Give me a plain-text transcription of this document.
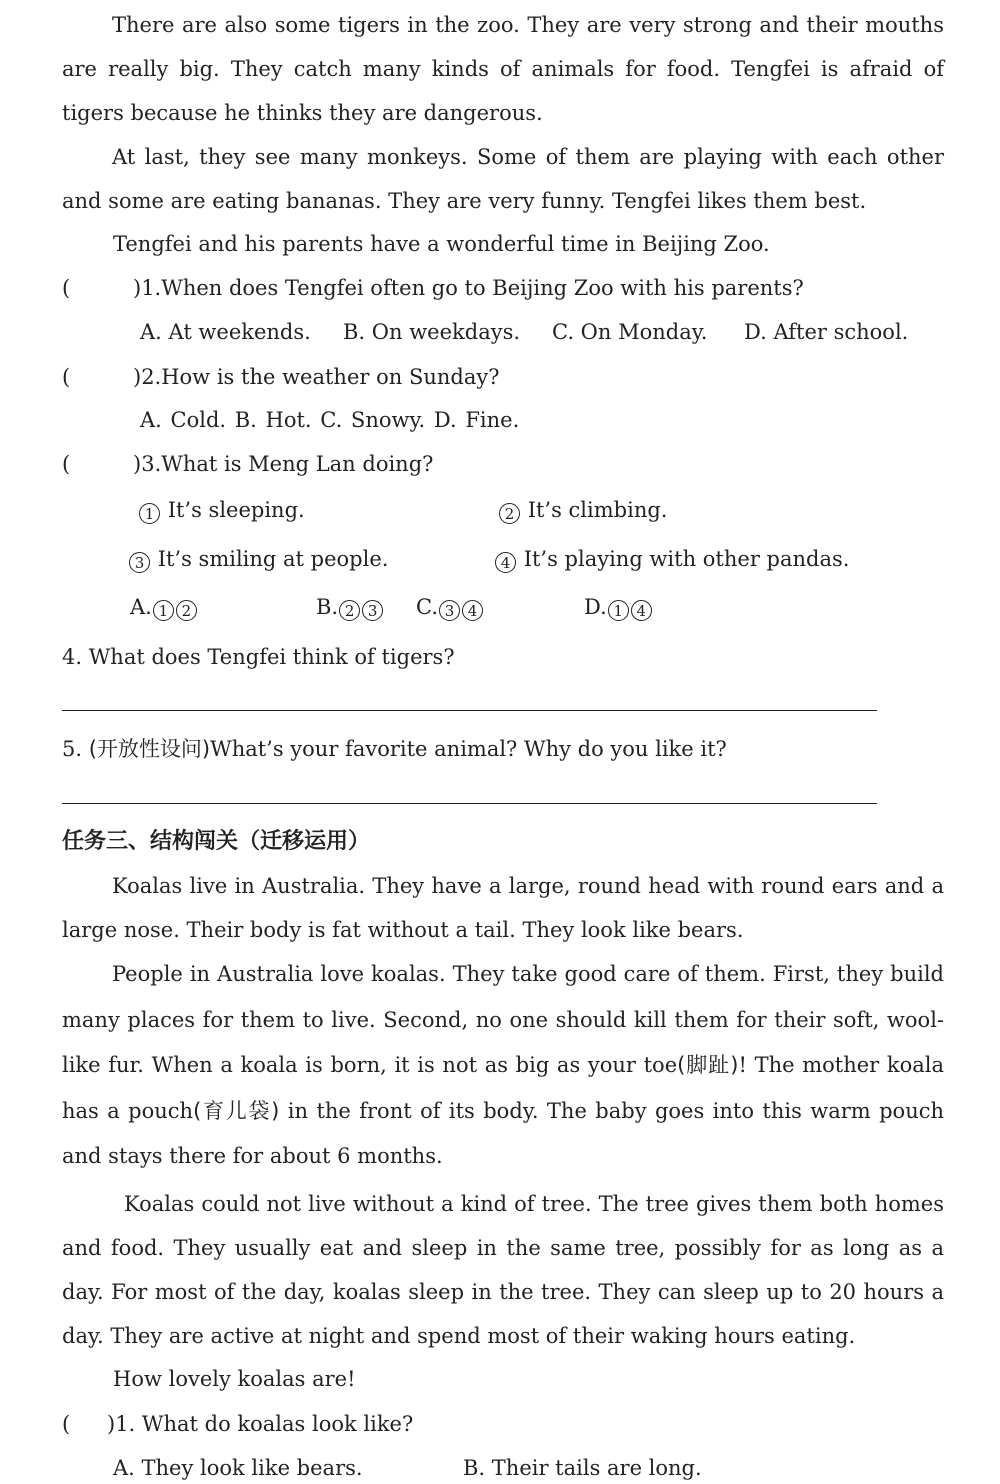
There are also some tigers in the zoo. They are very strong and their mouths are really big. They catch many kinds of animals for food. Tengfei is afraid of tigers because he thinks they are dangerous.
At last, they see many monkeys. Some of them are playing with each other and some are eating bananas. They are very funny. Tengfei likes them best.
Tengfei and his parents have a wonderful time in Beijing Zoo.
(	)1.When does Tengfei often go to Beijing Zoo with his parents?
A. At weekends. B. On weekdays. C. On Monday. D. After school.
(	)2.How is the weather on Sunday?
A. Cold. B. Hot. C. Snowy. D. Fine.
(	)3.What is Meng Lan doing?
1 It’s sleeping.	2 It’s climbing.
3 It’s smiling at people.	4 It’s playing with other pandas.
A. 1 2	B. 2 3	C. 3 4	D. 1 4
4. What does Tengfei think of tigers?
5. (开放性设问)What’s your favorite animal? Why do you like it?
任务三、结构闯关（迁移运用）
Koalas live in Australia. They have a large, round head with round ears and a large nose. Their body is fat without a tail. They look like bears.
People in Australia love koalas. They take good care of them. First, they build many places for them to live. Second, no one should kill them for their soft, wool-like fur. When a koala is born, it is not as big as your toe(脚趾)! The mother koala has a pouch(育儿袋) in the front of its body. The baby goes into this warm pouch and stays there for about 6 months.
Koalas could not live without a kind of tree. The tree gives them both homes and food. They usually eat and sleep in the same tree, possibly for as long as a day. For most of the day, koalas sleep in the tree. They can sleep up to 20 hours a day. They are active at night and spend most of their waking hours eating.
How lovely koalas are!
( )1. What do koalas look like?
A. They look like bears.	B. Their tails are long.
